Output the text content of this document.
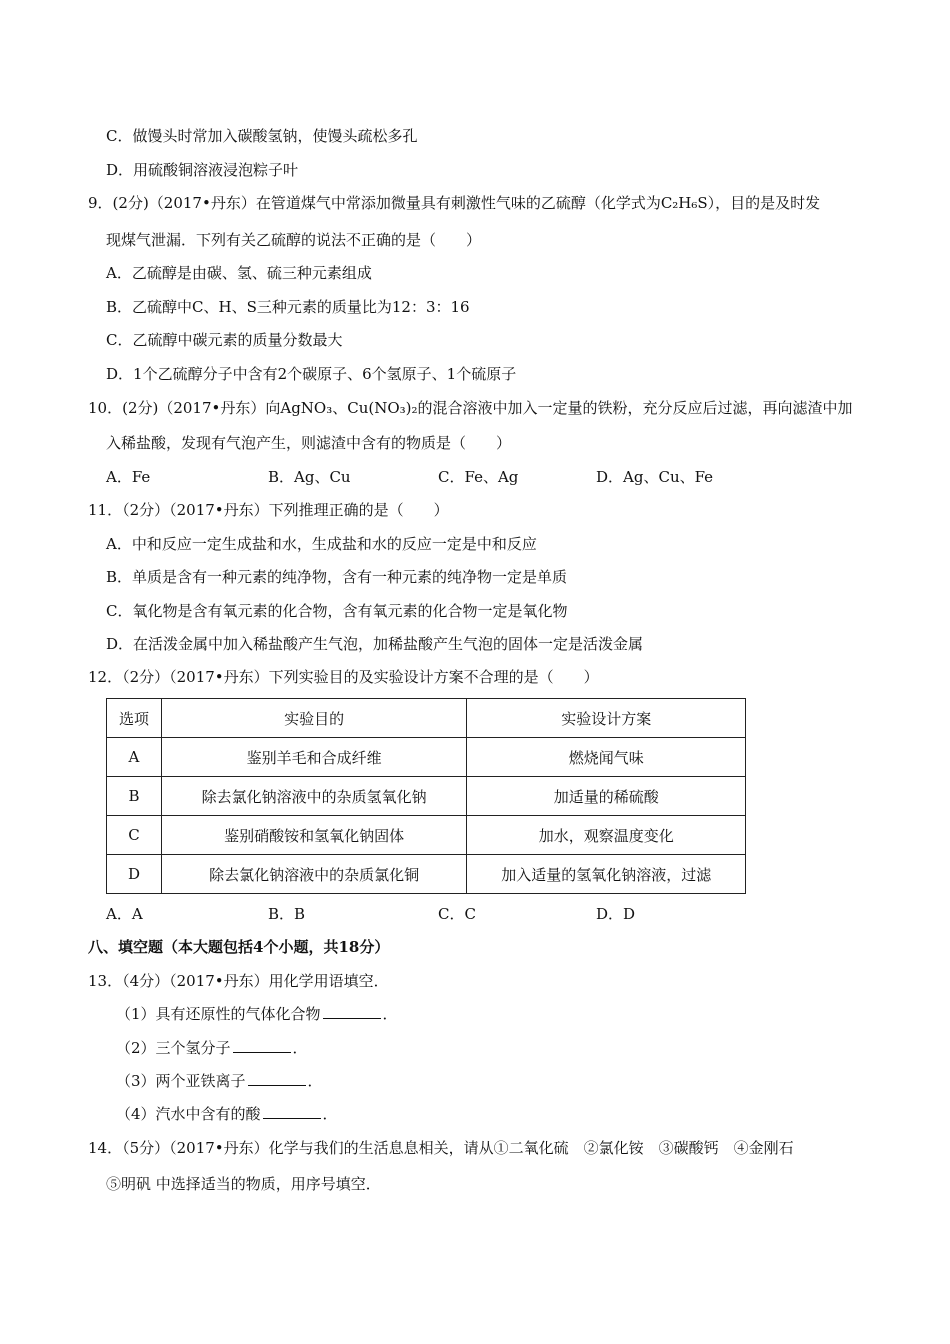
C．做馒头时常加入碳酸氢钠，使馒头疏松多孔
D．用硫酸铜溶液浸泡粽子叶
9．(2分)（2017•丹东）在管道煤气中常添加微量具有刺激性气味的乙硫醇（化学式为C₂H₆S），目的是及时发
现煤气泄漏．下列有关乙硫醇的说法不正确的是（　　）
A．乙硫醇是由碳、氢、硫三种元素组成
B．乙硫醇中C、H、S三种元素的质量比为12：3：16
C．乙硫醇中碳元素的质量分数最大
D．1个乙硫醇分子中含有2个碳原子、6个氢原子、1个硫原子
10．(2分)（2017•丹东）向AgNO₃、Cu(NO₃)₂的混合溶液中加入一定量的铁粉，充分反应后过滤，再向滤渣中加
入稀盐酸，发现有气泡产生，则滤渣中含有的物质是（　　）
A．Fe	B．Ag、Cu	C．Fe、Ag	D．Ag、Cu、Fe
11．（2分）（2017•丹东）下列推理正确的是（　　）
A．中和反应一定生成盐和水，生成盐和水的反应一定是中和反应
B．单质是含有一种元素的纯净物，含有一种元素的纯净物一定是单质
C．氧化物是含有氧元素的化合物，含有氧元素的化合物一定是氧化物
D．在活泼金属中加入稀盐酸产生气泡，加稀盐酸产生气泡的固体一定是活泼金属
12．（2分）（2017•丹东）下列实验目的及实验设计方案不合理的是（　　）
选项	实验目的	实验设计方案
A	鉴别羊毛和合成纤维	燃烧闻气味
B	除去氯化钠溶液中的杂质氢氧化钠	加适量的稀硫酸
C	鉴别硝酸铵和氢氧化钠固体	加水，观察温度变化
D	除去氯化钠溶液中的杂质氯化铜	加入适量的氢氧化钠溶液，过滤
A．A	B．B	C．C	D．D
八、填空题（本大题包括4个小题，共18分）
13．（4分）（2017•丹东）用化学用语填空．
（1）具有还原性的气体化合物	．
（2）三个氢分子	．
（3）两个亚铁离子	．
（4）汽水中含有的酸	．
14．（5分）（2017•丹东）化学与我们的生活息息相关，请从①二氧化硫　②氯化铵　③碳酸钙　④金刚石
⑤明矾 中选择适当的物质，用序号填空．
